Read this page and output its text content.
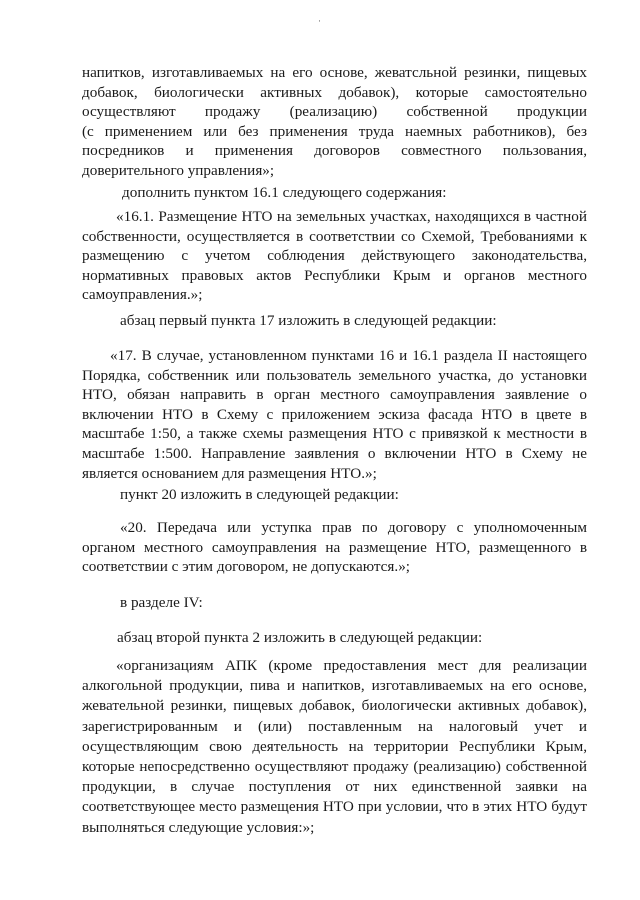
·
напитков, изготавливаемых на его основе, жеватсльной резинки, пищевых
добавок, биологически активных добавок), которые самостоятельно
осуществляют продажу (реализацию) собственной продукции
(с применением или без применения труда наемных работников), без
посредников и применения договоров совместного пользования,
доверительного управления»;
дополнить пунктом 16.1 следующего содержания:
«16.1. Размещение НТО на земельных участках, находящихся в частной
собственности, осуществляется в соответствии со Схемой, Требованиями к
размещению с учетом соблюдения действующего законодательства,
нормативных правовых актов Республики Крым и органов местного
самоуправления.»;
абзац первый пункта 17 изложить в следующей редакции:
«17. В случае, установленном пунктами 16 и 16.1 раздела II настоящего
Порядка, собственник или пользователь земельного участка, до установки
НТО, обязан направить в орган местного самоуправления заявление о
включении НТО в Схему с приложением эскиза фасада НТО в цвете в
масштабе 1:50, а также схемы размещения НТО с привязкой к местности в
масштабе 1:500. Направление заявления о включении НТО в Схему не
является основанием для размещения НТО.»;
пункт 20 изложить в следующей редакции:
«20. Передача или уступка прав по договору с уполномоченным
органом местного самоуправления на размещение НТО, размещенного в
соответствии с этим договором, не допускаются.»;
в разделе IV:
абзац второй пункта 2 изложить в следующей редакции:
«организациям АПК (кроме предоставления мест для реализации
алкогольной продукции, пива и напитков, изготавливаемых на его основе,
жевательной резинки, пищевых добавок, биологически активных добавок),
зарегистрированным и (или) поставленным на налоговый учет и
осуществляющим свою деятельность на территории Республики Крым,
которые непосредственно осуществляют продажу (реализацию) собственной
продукции, в случае поступления от них единственной заявки на
соответствующее место размещения НТО при условии, что в этих НТО будут
выполняться следующие условия:»;
